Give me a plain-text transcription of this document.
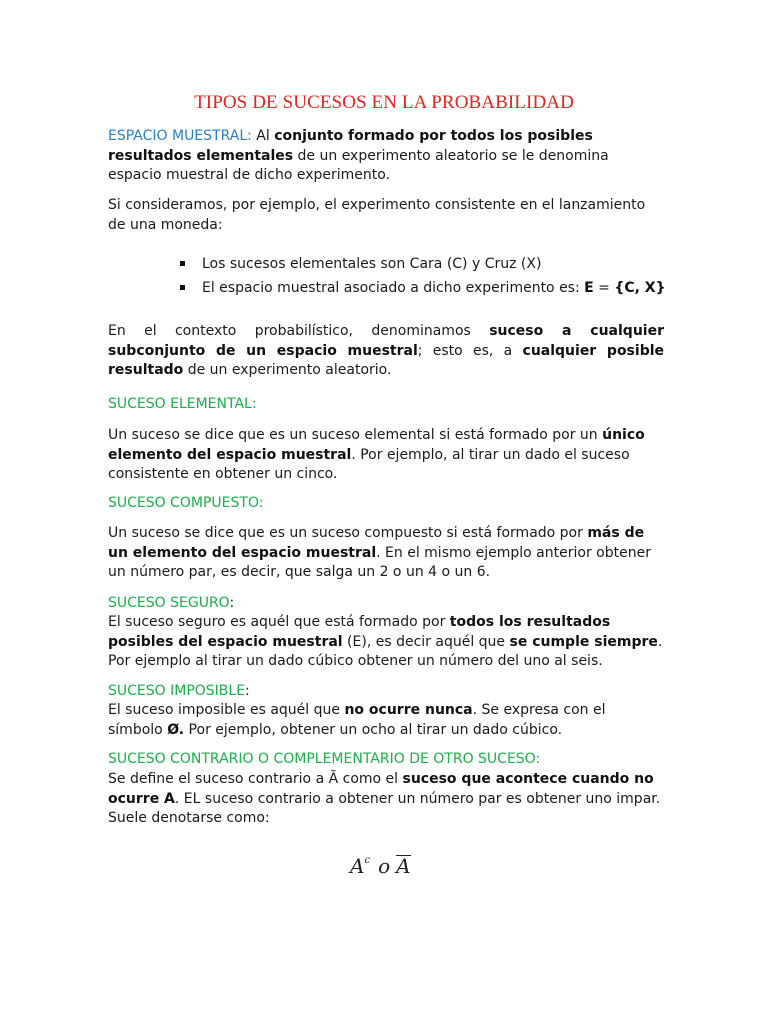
TIPOS DE SUCESOS EN LA PROBABILIDAD

ESPACIO MUESTRAL: Al conjunto formado por todos los posibles resultados elementales de un experimento aleatorio se le denomina espacio muestral de dicho experimento.

Si consideramos, por ejemplo, el experimento consistente en el lanzamiento de una moneda:

Los sucesos elementales son Cara (C) y Cruz (X)
El espacio muestral asociado a dicho experimento es: E = {C, X}

En el contexto probabilístico, denominamos suceso a cualquier subconjunto de un espacio muestral; esto es, a cualquier posible resultado de un experimento aleatorio.

SUCESO ELEMENTAL:

Un suceso se dice que es un suceso elemental si está formado por un único elemento del espacio muestral. Por ejemplo, al tirar un dado el suceso consistente en obtener un cinco.

SUCESO COMPUESTO:

Un suceso se dice que es un suceso compuesto si está formado por más de un elemento del espacio muestral. En el mismo ejemplo anterior obtener un número par, es decir, que salga un 2 o un 4 o un 6.

SUCESO SEGURO:

El suceso seguro es aquél que está formado por todos los resultados posibles del espacio muestral (E), es decir aquél que se cumple siempre. Por ejemplo al tirar un dado cúbico obtener un número del uno al seis.

SUCESO IMPOSIBLE:

El suceso imposible es aquél que no ocurre nunca. Se expresa con el símbolo Ø. Por ejemplo, obtener un ocho al tirar un dado cúbico.

SUCESO CONTRARIO O COMPLEMENTARIO DE OTRO SUCESO:

Se define el suceso contrario a Ã como el suceso que acontece cuando no ocurre A. EL suceso contrario a obtener un número par es obtener uno impar. Suele denotarse como:

$A^c$ o A
